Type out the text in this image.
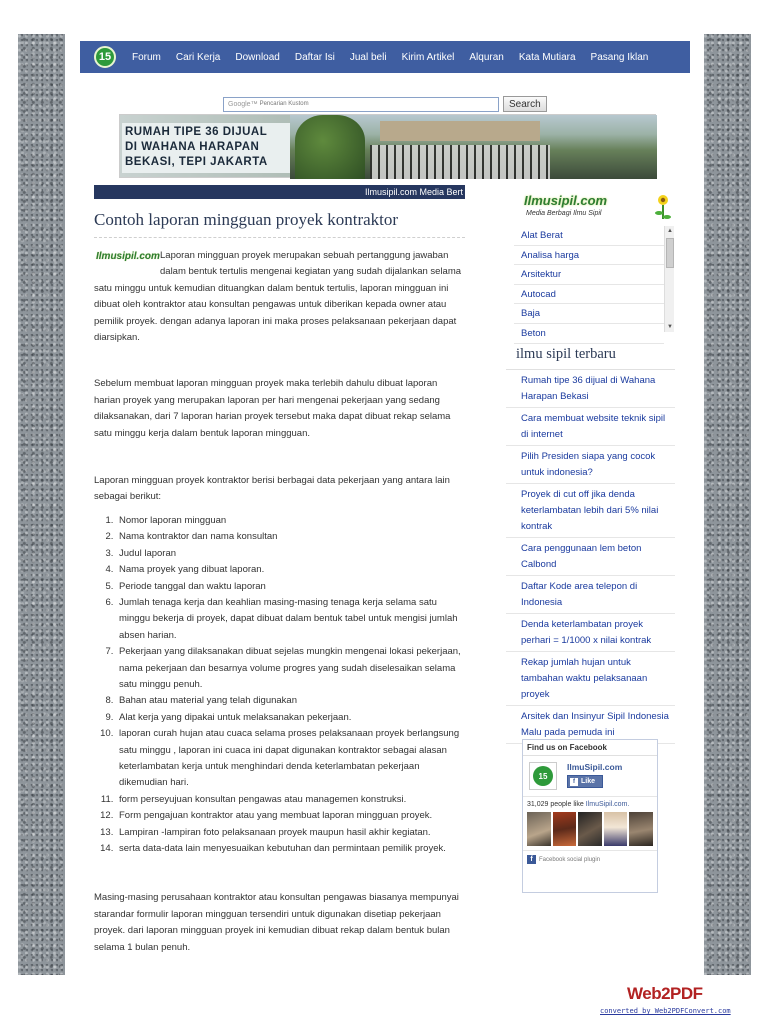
15	Forum Cari Kerja Download Daftar Isi Jual beli Kirim Artikel Alquran Kata Mutiara Pasang Iklan
Google™ Pencarian Kustom	Search
RUMAH TIPE 36 DIJUAL
DI WAHANA HARAPAN
BEKASI, TEPI JAKARTA
Ilmusipil.com Media Bert
Contoh laporan mingguan proyek kontraktor

Ilmusipil.com Laporan mingguan proyek merupakan sebuah pertanggung jawaban dalam bentuk tertulis mengenai kegiatan yang sudah dijalankan selama satu minggu untuk kemudian dituangkan dalam bentuk tertulis, laporan mingguan ini dibuat oleh kontraktor atau konsultan pengawas untuk diberikan kepada owner atau pemilik proyek. dengan adanya laporan ini maka proses pelaksanaan pekerjaan dapat diarsipkan.

Sebelum membuat laporan mingguan proyek maka terlebih dahulu dibuat laporan harian proyek yang merupakan laporan per hari mengenai pekerjaan yang sedang dilaksanakan, dari 7 laporan harian proyek tersebut maka dapat dibuat rekap selama satu minggu kerja dalam bentuk laporan mingguan.

Laporan mingguan proyek kontraktor berisi berbagai data pekerjaan yang antara lain sebagai berikut:

1. Nomor laporan mingguan
2. Nama kontraktor dan nama konsultan
3. Judul laporan
4. Nama proyek yang dibuat laporan.
5. Periode tanggal dan waktu laporan
6. Jumlah tenaga kerja dan keahlian masing-masing tenaga kerja selama satu minggu bekerja di proyek, dapat dibuat dalam bentuk tabel untuk mengisi jumlah absen harian.
7. Pekerjaan yang dilaksanakan dibuat sejelas mungkin mengenai lokasi pekerjaan, nama pekerjaan dan besarnya volume progres yang sudah diselesaikan selama satu minggu penuh.
8. Bahan atau material yang telah digunakan
9. Alat kerja yang dipakai untuk melaksanakan pekerjaan.
10. laporan curah hujan atau cuaca selama proses pelaksanaan proyek berlangsung satu minggu , laporan ini cuaca ini dapat digunakan kontraktor sebagai alasan keterlambatan kerja untuk menghindari denda keterlambatan pekerjaan dikemudian hari.
11. form perseyujuan konsultan pengawas atau managemen konstruksi.
12. Form pengajuan kontraktor atau yang membuat laporan mingguan proyek.
13. Lampiran -lampiran foto pelaksanaan proyek maupun hasil akhir kegiatan.
14. serta data-data lain menyesuaikan kebutuhan dan permintaan pemilik proyek.

Masing-masing perusahaan kontraktor atau konsultan pengawas biasanya mempunyai starandar formulir laporan mingguan tersendiri untuk digunakan disetiap pekerjaan proyek. dari laporan mingguan proyek ini kemudian dibuat rekap dalam bentuk bulan selama 1 bulan penuh.

Ilmusipil.com
Media Berbagi Ilmu Sipil
Alat Berat
Analisa harga
Arsitektur
Autocad
Baja
Beton
▲
▼
ilmu sipil terbaru
Rumah tipe 36 dijual di Wahana Harapan Bekasi
Cara membuat website teknik sipil di internet
Pilih Presiden siapa yang cocok untuk indonesia?
Proyek di cut off jika denda keterlambatan lebih dari 5% nilai kontrak
Cara penggunaan lem beton Calbond
Daftar Kode area telepon di Indonesia
Denda keterlambatan proyek perhari = 1/1000 x nilai kontrak
Rekap jumlah hujan untuk tambahan waktu pelaksanaan proyek
Arsitek dan Insinyur Sipil Indonesia Malu pada pemuda ini
Find us on Facebook
15
IlmuSipil.com
f Like
31,029 people like IlmuSipil.com.
f	Facebook social plugin
Web2PDF
converted by Web2PDFConvert.com
